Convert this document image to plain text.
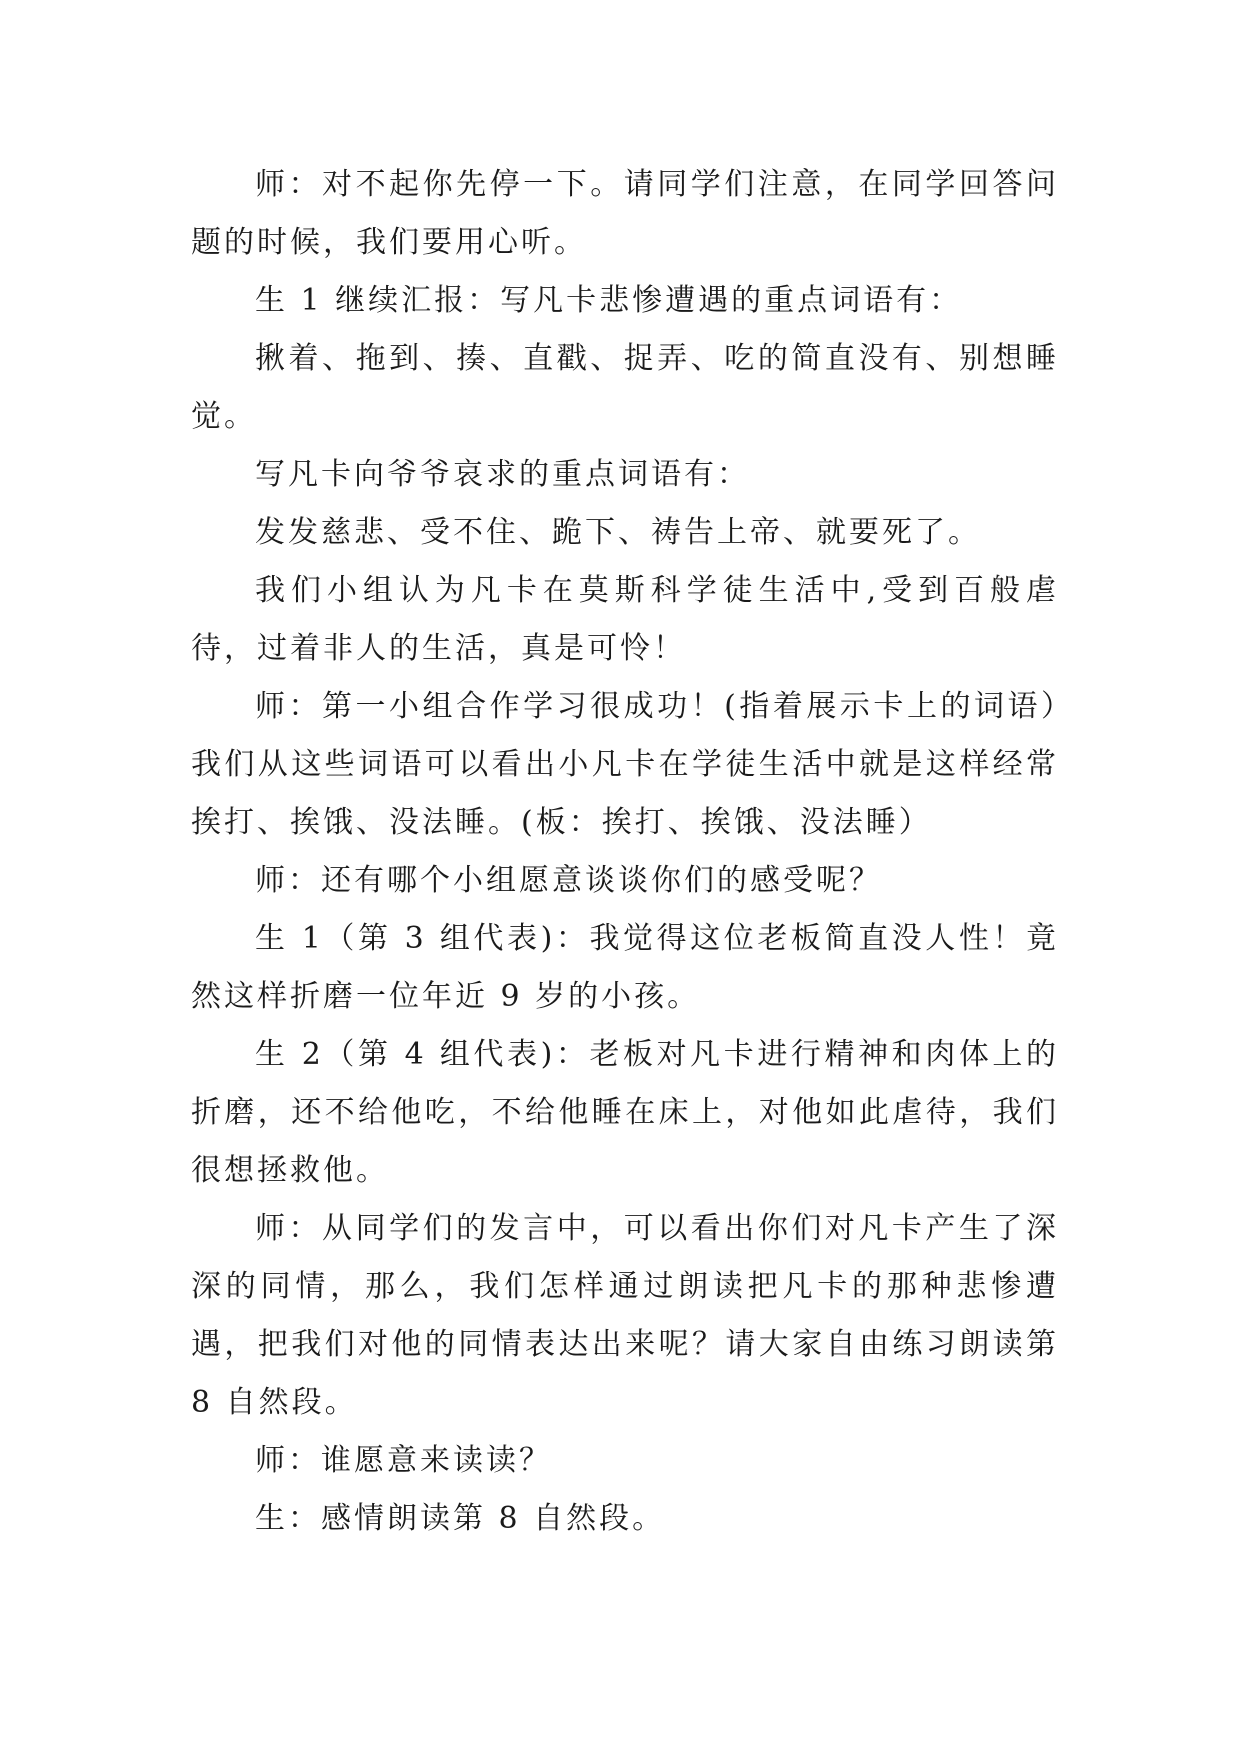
师：对不起你先停一下。请同学们注意，在同学回答问题的时候，我们要用心听。

生 1 继续汇报：写凡卡悲惨遭遇的重点词语有：

揪着、拖到、揍、直戳、捉弄、吃的简直没有、别想睡觉。

写凡卡向爷爷哀求的重点词语有：

发发慈悲、受不住、跪下、祷告上帝、就要死了。

我们小组认为凡卡在莫斯科学徒生活中,受到百般虐待，过着非人的生活，真是可怜！

师：第一小组合作学习很成功！(指着展示卡上的词语）我们从这些词语可以看出小凡卡在学徒生活中就是这样经常挨打、挨饿、没法睡。(板：挨打、挨饿、没法睡）

师：还有哪个小组愿意谈谈你们的感受呢？

生 1（第 3 组代表)：我觉得这位老板简直没人性！竟然这样折磨一位年近 9 岁的小孩。

生 2（第 4 组代表)：老板对凡卡进行精神和肉体上的折磨，还不给他吃，不给他睡在床上，对他如此虐待，我们很想拯救他。

师：从同学们的发言中，可以看出你们对凡卡产生了深深的同情，那么，我们怎样通过朗读把凡卡的那种悲惨遭遇，把我们对他的同情表达出来呢？请大家自由练习朗读第 8 自然段。

师：谁愿意来读读？

生：感情朗读第 8 自然段。
